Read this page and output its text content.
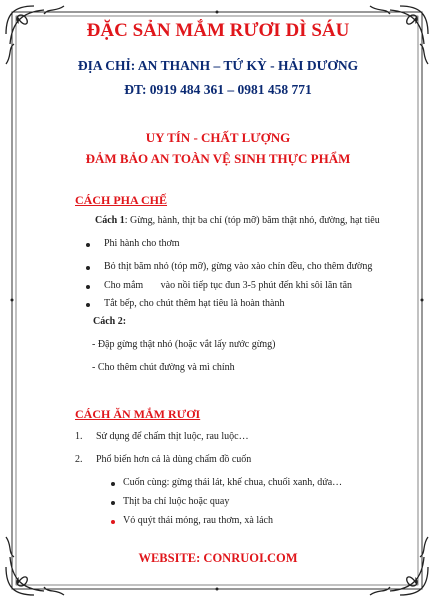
ĐẶC SẢN MẮM RƯƠI DÌ SÁU
ĐỊA CHỈ: AN THANH – TỨ KỲ - HẢI DƯƠNG
ĐT: 0919 484 361 – 0981 458 771
UY TÍN - CHẤT LƯỢNG
ĐẢM BẢO AN TOÀN VỆ SINH THỰC PHẨM
CÁCH PHA CHẾ
Cách 1: Gừng, hành, thịt ba chỉ (tóp mỡ) băm thật nhỏ, đường, hạt tiêu
Phi hành cho thơm
Bỏ thịt băm nhỏ (tóp mỡ), gừng vào xào chín đều, cho thêm đường
Cho mắm       vào nồi tiếp tục đun 3-5 phút đến khi sôi lăn tăn
Tắt bếp, cho chút thêm hạt tiêu là hoàn thành
Cách 2:
- Đập gừng thật nhỏ (hoặc vắt lấy nước gừng)
- Cho thêm chút đường và mì chính
CÁCH ĂN MẮM RƯƠI
1. Sử dụng để chấm thịt luộc, rau luộc…
2. Phổ biến hơn cả là dùng chấm đồ cuốn
Cuốn cùng: gừng thái lát, khế chua, chuối xanh, dứa…
Thịt ba chỉ luộc hoặc quay
Vỏ quýt thái mỏng, rau thơm, xà lách
WEBSITE: CONRUOI.COM
